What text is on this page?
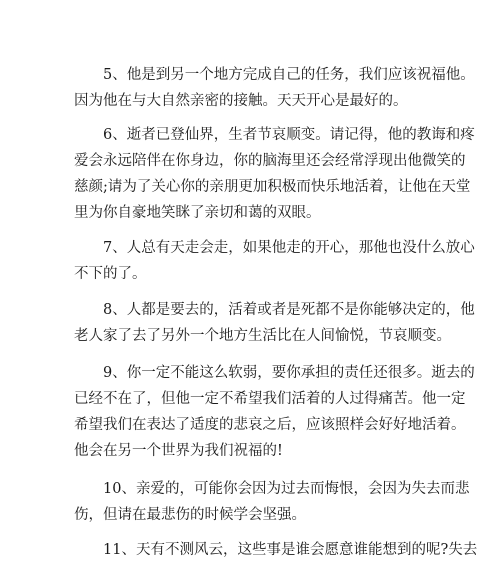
　　5、他是到另一个地方完成自己的任务，我们应该祝福他。
因为他在与大自然亲密的接触。天天开心是最好的。

　　6、逝者已登仙界，生者节哀顺变。请记得，他的教诲和疼
爱会永远陪伴在你身边，你的脑海里还会经常浮现出他微笑的
慈颜;请为了关心你的亲朋更加积极而快乐地活着，让他在天堂
里为你自豪地笑眯了亲切和蔼的双眼。

　　7、人总有天走会走，如果他走的开心，那他也没什么放心
不下的了。

　　8、人都是要去的，活着或者是死都不是你能够决定的，他
老人家了去了另外一个地方生活比在人间愉悦，节哀顺变。

　　9、你一定不能这么软弱，要你承担的责任还很多。逝去的
已经不在了，但他一定不希望我们活着的人过得痛苦。他一定
希望我们在表达了适度的悲哀之后，应该照样会好好地活着。
他会在另一个世界为我们祝福的!

　　10、亲爱的，可能你会因为过去而悔恨，会因为失去而悲
伤，但请在最悲伤的时候学会坚强。

　　11、天有不测风云，这些事是谁会愿意谁能想到的呢?失去
